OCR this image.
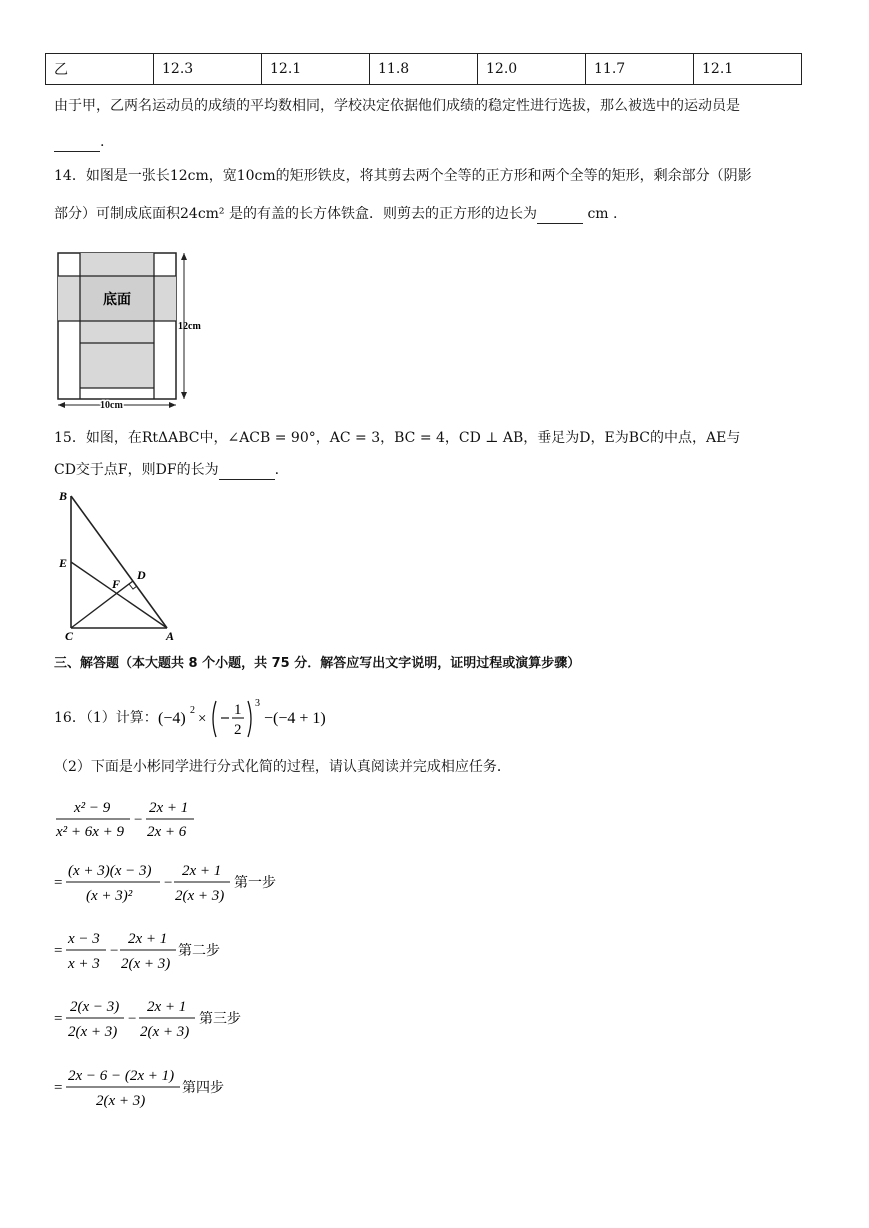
乙	12.3	12.1	11.8	12.0	11.7	12.1
由于甲，乙两名运动员的成绩的平均数相同，学校决定依据他们成绩的稳定性进行选拔，那么被选中的运动员是
.
14．如图是一张长12cm，宽10cm的矩形铁皮，将其剪去两个全等的正方形和两个全等的矩形，剩余部分（阴影
部分）可制成底面积24cm² 是的有盖的长方体铁盒．则剪去的正方形的边长为	cm .
底面
12cm
10cm
15．如图，在RtΔABC中，∠ACB = 90°，AC = 3，BC = 4，CD ⊥ AB，垂足为D，E为BC的中点，AE与
CD交于点F，则DF的长为	.
B
E
F
D
C	A
三、解答题（本大题共 8 个小题，共 75 分．解答应写出文字说明，证明过程或演算步骤）
16．（1）计算： (−4) 2
×
1
2
3
−(−4 + 1)
（2）下面是小彬同学进行分式化简的过程，请认真阅读并完成相应任务．
x² − 9
x² + 6x + 9
−
2x + 1
2x + 6
=
(x + 3)(x − 3)
(x + 3)²
−
2x + 1
2(x + 3)
第一步
=
x − 3
x + 3
−
2x + 1
2(x + 3)
第二步
=
2(x − 3)
2(x + 3)
−
2x + 1
2(x + 3)
第三步
=
2x − 6 − (2x + 1)
2(x + 3)
第四步
